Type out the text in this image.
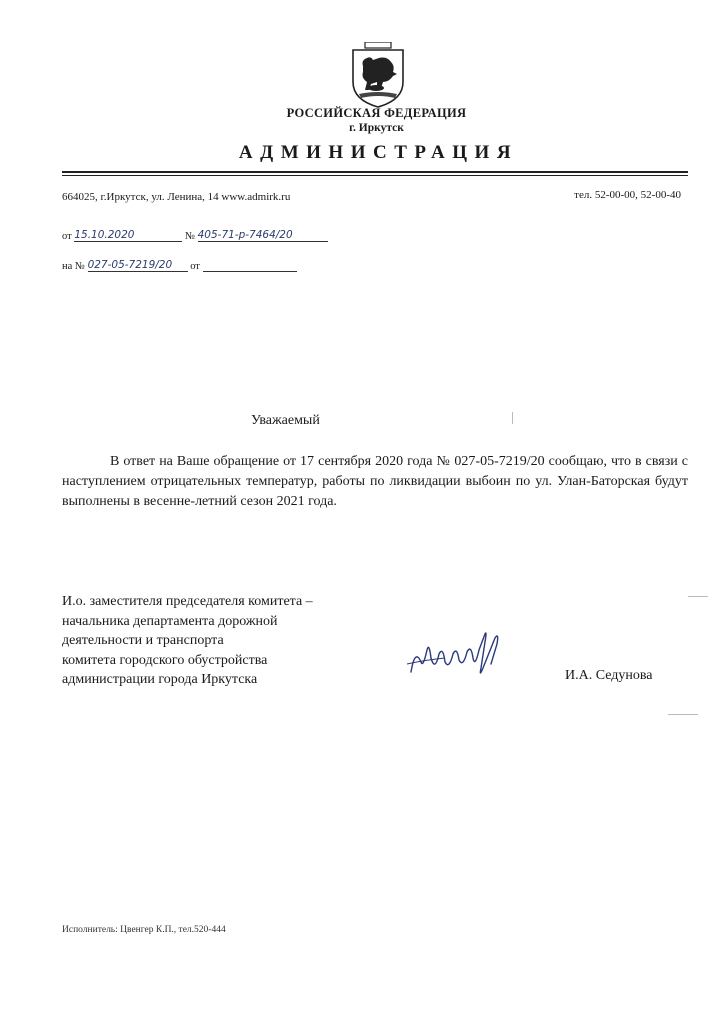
РОССИЙСКАЯ ФЕДЕРАЦИЯ
г. Иркутск
АДМИНИСТРАЦИЯ
664025, г.Иркутск, ул. Ленина, 14 www.admirk.ru	тел. 52-00-00, 52-00-40
от 15.10.2020	№ 405-71-р-7464/20
на № 027-05-7219/20 от
Уважаемый
В ответ на Ваше обращение от 17 сентября 2020 года № 027-05-7219/20 сообщаю, что в связи с наступлением отрицательных температур, работы по ликвидации выбоин по ул. Улан-Баторская будут выполнены в весенне-летний сезон 2021 года.
И.о. заместителя председателя комитета –
начальника департамента дорожной
деятельности и транспорта
комитета городского обустройства
администрации города Иркутска	И.А. Седунова
Исполнитель: Цвенгер К.П., тел.520-444
